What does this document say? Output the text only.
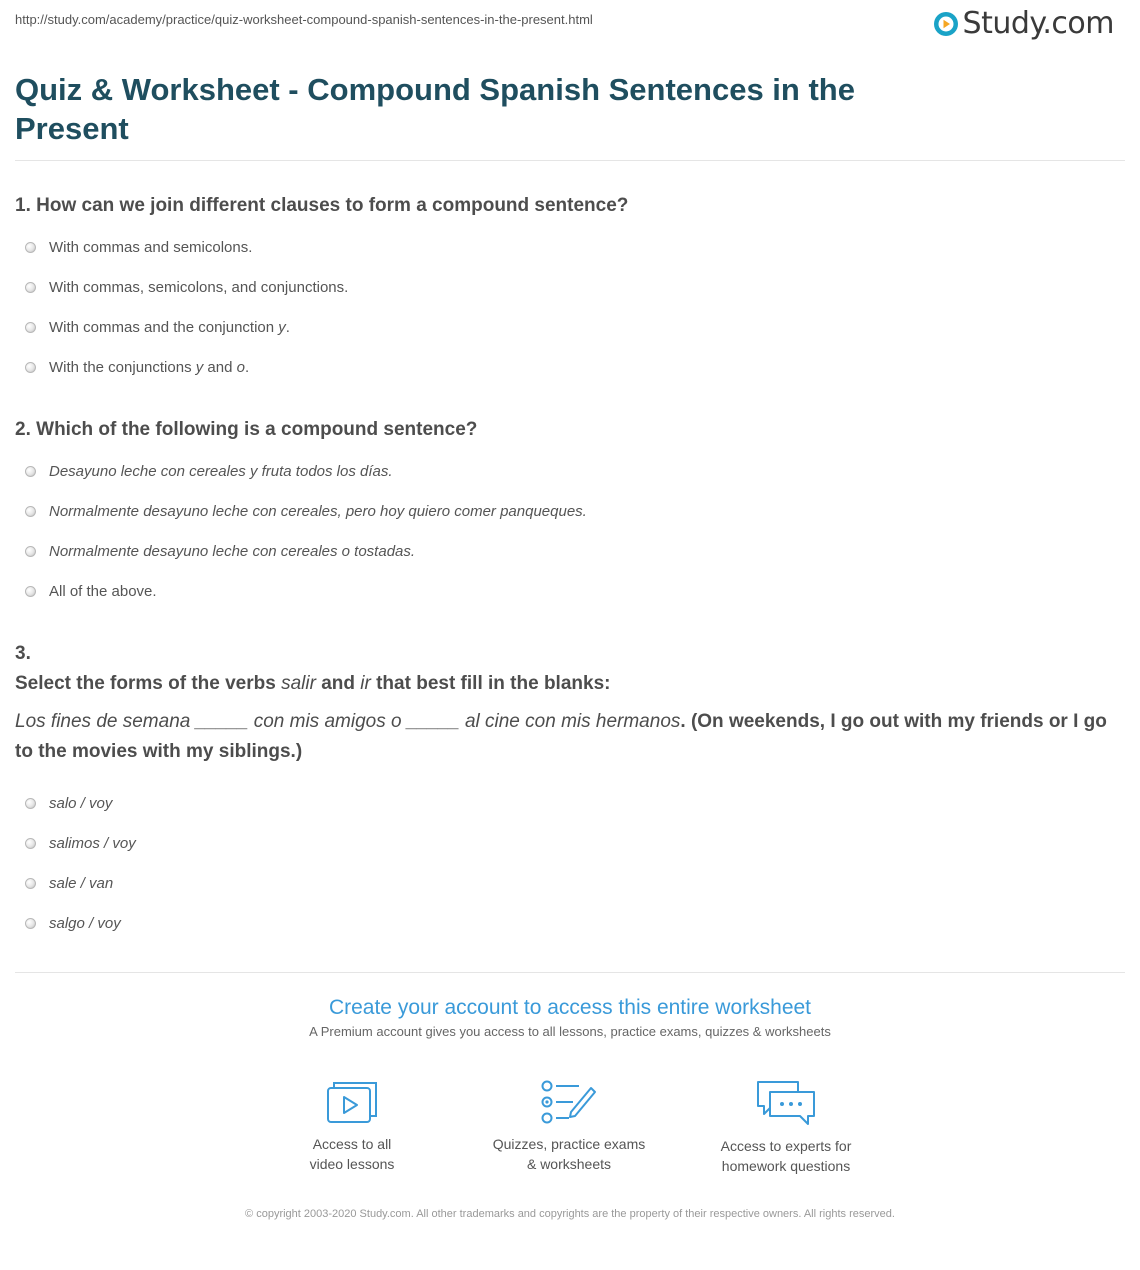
http://study.com/academy/practice/quiz-worksheet-compound-spanish-sentences-in-the-present.html	Study.com
Quiz & Worksheet - Compound Spanish Sentences in the Present

1. How can we join different clauses to form a compound sentence?

With commas and semicolons.
With commas, semicolons, and conjunctions.
With commas and the conjunction y.
With the conjunctions y and o.

2. Which of the following is a compound sentence?

Desayuno leche con cereales y fruta todos los días.
Normalmente desayuno leche con cereales, pero hoy quiero comer panqueques.
Normalmente desayuno leche con cereales o tostadas.
All of the above.

3.

Select the forms of the verbs salir and ir that best fill in the blanks:
Los fines de semana _____ con mis amigos o _____ al cine con mis hermanos. (On weekends, I go out with my friends or I go to the movies with my siblings.)
salo / voy
salimos / voy
sale / van
salgo / voy
Create your account to access this entire worksheet
A Premium account gives you access to all lessons, practice exams, quizzes & worksheets
Access to all
video lessons
Quizzes, practice exams
& worksheets
Access to experts for
homework questions
© copyright 2003-2020 Study.com. All other trademarks and copyrights are the property of their respective owners. All rights reserved.
